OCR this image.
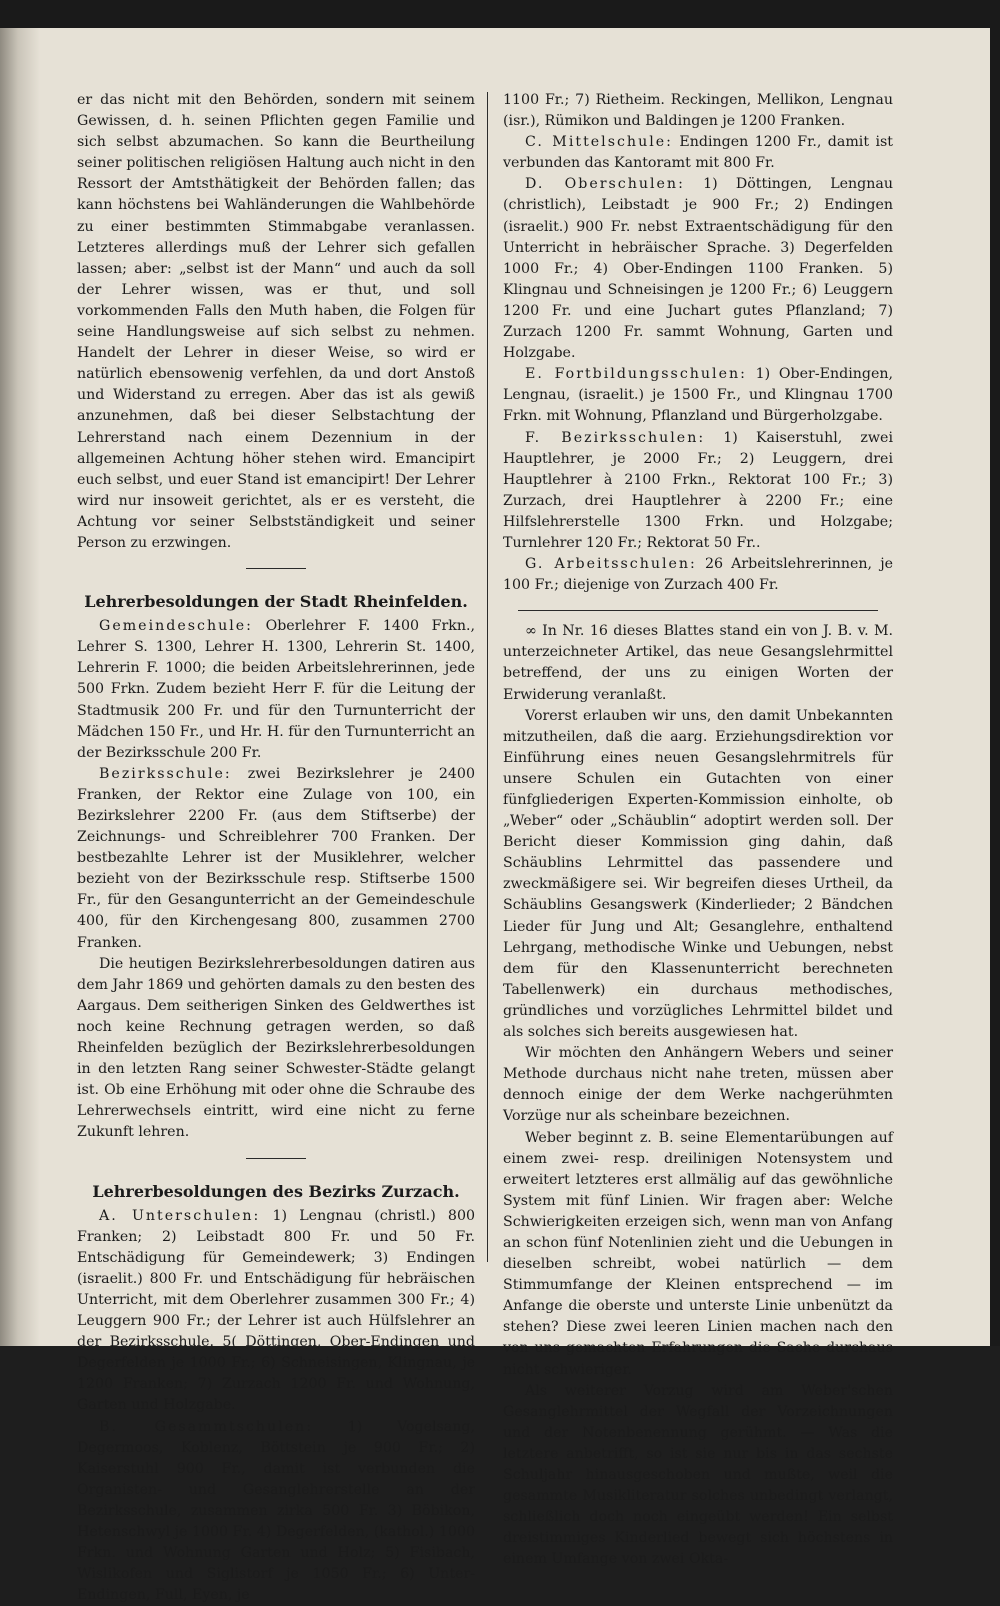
er das nicht mit den Behörden, sondern mit seinem Gewissen, d. h. seinen Pflichten gegen Familie und sich selbst abzumachen. So kann die Beurtheilung seiner politischen religiösen Haltung auch nicht in den Ressort der Amtsthätigkeit der Behörden fallen; das kann höchstens bei Wahländerungen die Wahlbehörde zu einer bestimmten Stimmabgabe veranlassen. Letzteres allerdings muß der Lehrer sich gefallen lassen; aber: „selbst ist der Mann“ und auch da soll der Lehrer wissen, was er thut, und soll vorkommenden Falls den Muth haben, die Folgen für seine Handlungsweise auf sich selbst zu nehmen. Handelt der Lehrer in dieser Weise, so wird er natürlich ebensowenig verfehlen, da und dort Anstoß und Widerstand zu erregen. Aber das ist als gewiß anzunehmen, daß bei dieser Selbstachtung der Lehrerstand nach einem Dezennium in der allgemeinen Achtung höher stehen wird. Emancipirt euch selbst, und euer Stand ist emancipirt! Der Lehrer wird nur insoweit gerichtet, als er es versteht, die Achtung vor seiner Selbstständigkeit und seiner Person zu erzwingen.

Lehrerbesoldungen der Stadt Rheinfelden.

Gemeindeschule: Oberlehrer F. 1400 Frkn., Lehrer S. 1300, Lehrer H. 1300, Lehrerin St. 1400, Lehrerin F. 1000; die beiden Arbeitslehrerinnen, jede 500 Frkn. Zudem bezieht Herr F. für die Leitung der Stadtmusik 200 Fr. und für den Turnunterricht der Mädchen 150 Fr., und Hr. H. für den Turnunterricht an der Bezirksschule 200 Fr.

Bezirksschule: zwei Bezirkslehrer je 2400 Franken, der Rektor eine Zulage von 100, ein Bezirkslehrer 2200 Fr. (aus dem Stiftserbe) der Zeichnungs- und Schreiblehrer 700 Franken. Der bestbezahlte Lehrer ist der Musiklehrer, welcher bezieht von der Bezirksschule resp. Stiftserbe 1500 Fr., für den Gesangunterricht an der Gemeindeschule 400, für den Kirchengesang 800, zusammen 2700 Franken.

Die heutigen Bezirkslehrerbesoldungen datiren aus dem Jahr 1869 und gehörten damals zu den besten des Aargaus. Dem seitherigen Sinken des Geldwerthes ist noch keine Rechnung getragen werden, so daß Rheinfelden bezüglich der Bezirkslehrerbesoldungen in den letzten Rang seiner Schwester-Städte gelangt ist. Ob eine Erhöhung mit oder ohne die Schraube des Lehrerwechsels eintritt, wird eine nicht zu ferne Zukunft lehren.

Lehrerbesoldungen des Bezirks Zurzach.

A. Unterschulen: 1) Lengnau (christl.) 800 Franken; 2) Leibstadt 800 Fr. und 50 Fr. Entschädigung für Gemeindewerk; 3) Endingen (israelit.) 800 Fr. und Entschädigung für hebräischen Unterricht, mit dem Oberlehrer zusammen 300 Fr.; 4) Leuggern 900 Fr.; der Lehrer ist auch Hülfslehrer an der Bezirksschule. 5( Döttingen, Ober-Endingen und Degerfelden je 1000 Fr.; 6) Schneisingen, Klingnau, je 1200 Franken; 7) Zurzach 1200 Fr. und Wohnung, Garten und Holzgabe.

B. Gesammtschulen: 1) Vogelsang, Degermoos, Koblenz, Böttstein je 900 Fr.; 2) Kaiserstuhl 900 Fr., damit ist verbunden die Organisten- und Gesanglehrerstelle an der Bezirksschule, zusammen zirka 500 Fr. 3) Böbikon, Hetenschwyl je 1000 Fr. 4) Degerfelden, (kathol.) 1000 Frkn. und Wohnung Garten und Holz; 5) Fisibach, Wislikofen und Siglistorf je 1050 Fr.; 6) Unter-Endingen, Full, Eyen, je

1100 Fr.; 7) Rietheim. Reckingen, Mellikon, Lengnau (isr.), Rümikon und Baldingen je 1200 Franken.

C. Mittelschule: Endingen 1200 Fr., damit ist verbunden das Kantoramt mit 800 Fr.

D. Oberschulen: 1) Döttingen, Lengnau (christlich), Leibstadt je 900 Fr.; 2) Endingen (israelit.) 900 Fr. nebst Extraentschädigung für den Unterricht in hebräischer Sprache. 3) Degerfelden 1000 Fr.; 4) Ober-Endingen 1100 Franken. 5) Klingnau und Schneisingen je 1200 Fr.; 6) Leuggern 1200 Fr. und eine Juchart gutes Pflanzland; 7) Zurzach 1200 Fr. sammt Wohnung, Garten und Holzgabe.

E. Fortbildungsschulen: 1) Ober-Endingen, Lengnau, (israelit.) je 1500 Fr., und Klingnau 1700 Frkn. mit Wohnung, Pflanzland und Bürgerholzgabe.

F. Bezirksschulen: 1) Kaiserstuhl, zwei Hauptlehrer, je 2000 Fr.; 2) Leuggern, drei Hauptlehrer à 2100 Frkn., Rektorat 100 Fr.; 3) Zurzach, drei Hauptlehrer à 2200 Fr.; eine Hilfslehrerstelle 1300 Frkn. und Holzgabe; Turnlehrer 120 Fr.; Rektorat 50 Fr..

G. Arbeitsschulen: 26 Arbeitslehrerinnen, je 100 Fr.; diejenige von Zurzach 400 Fr.

∞ In Nr. 16 dieses Blattes stand ein von J. B. v. M. unterzeichneter Artikel, das neue Gesangslehrmittel betreffend, der uns zu einigen Worten der Erwiderung veranlaßt.

Vorerst erlauben wir uns, den damit Unbekannten mitzutheilen, daß die aarg. Erziehungsdirektion vor Einführung eines neuen Gesangslehrmitrels für unsere Schulen ein Gutachten von einer fünfgliederigen Experten-Kommission einholte, ob „Weber“ oder „Schäublin“ adoptirt werden soll. Der Bericht dieser Kommission ging dahin, daß Schäublins Lehrmittel das passendere und zweckmäßigere sei. Wir begreifen dieses Urtheil, da Schäublins Gesangswerk (Kinderlieder; 2 Bändchen Lieder für Jung und Alt; Gesanglehre, enthaltend Lehrgang, methodische Winke und Uebungen, nebst dem für den Klassenunterricht berechneten Tabellenwerk) ein durchaus methodisches, gründliches und vorzügliches Lehrmittel bildet und als solches sich bereits ausgewiesen hat.

Wir möchten den Anhängern Webers und seiner Methode durchaus nicht nahe treten, müssen aber dennoch einige der dem Werke nachgerühmten Vorzüge nur als scheinbare bezeichnen.

Weber beginnt z. B. seine Elementarübungen auf einem zwei- resp. dreilinigen Notensystem und erweitert letzteres erst allmälig auf das gewöhnliche System mit fünf Linien. Wir fragen aber: Welche Schwierigkeiten erzeigen sich, wenn man von Anfang an schon fünf Notenlinien zieht und die Uebungen in dieselben schreibt, wobei natürlich — dem Stimmumfange der Kleinen entsprechend — im Anfange die oberste und unterste Linie unbenützt da stehen? Diese zwei leeren Linien machen nach den von uns gemachten Erfahrungen die Sache durchaus nicht schwieriger.

Als weiterer Vorzug wird am Weber'schen Gesanglehrmittel der Wegfall der Vorzeichnungen und der Notenbenennung gerühmt. — Was die letztere anbetrifft, so ist sie nur bis in das sechste Schuljahr hinausgeschoben und mußte, weil die gesammte Musikliteratur solches unbedingt verlangt, schließlich doch noch eingeübt werden! Ein selbst dreistimmiges Kinderlied bewegt sich höchstens in einem Umfange von zwei Okta-
